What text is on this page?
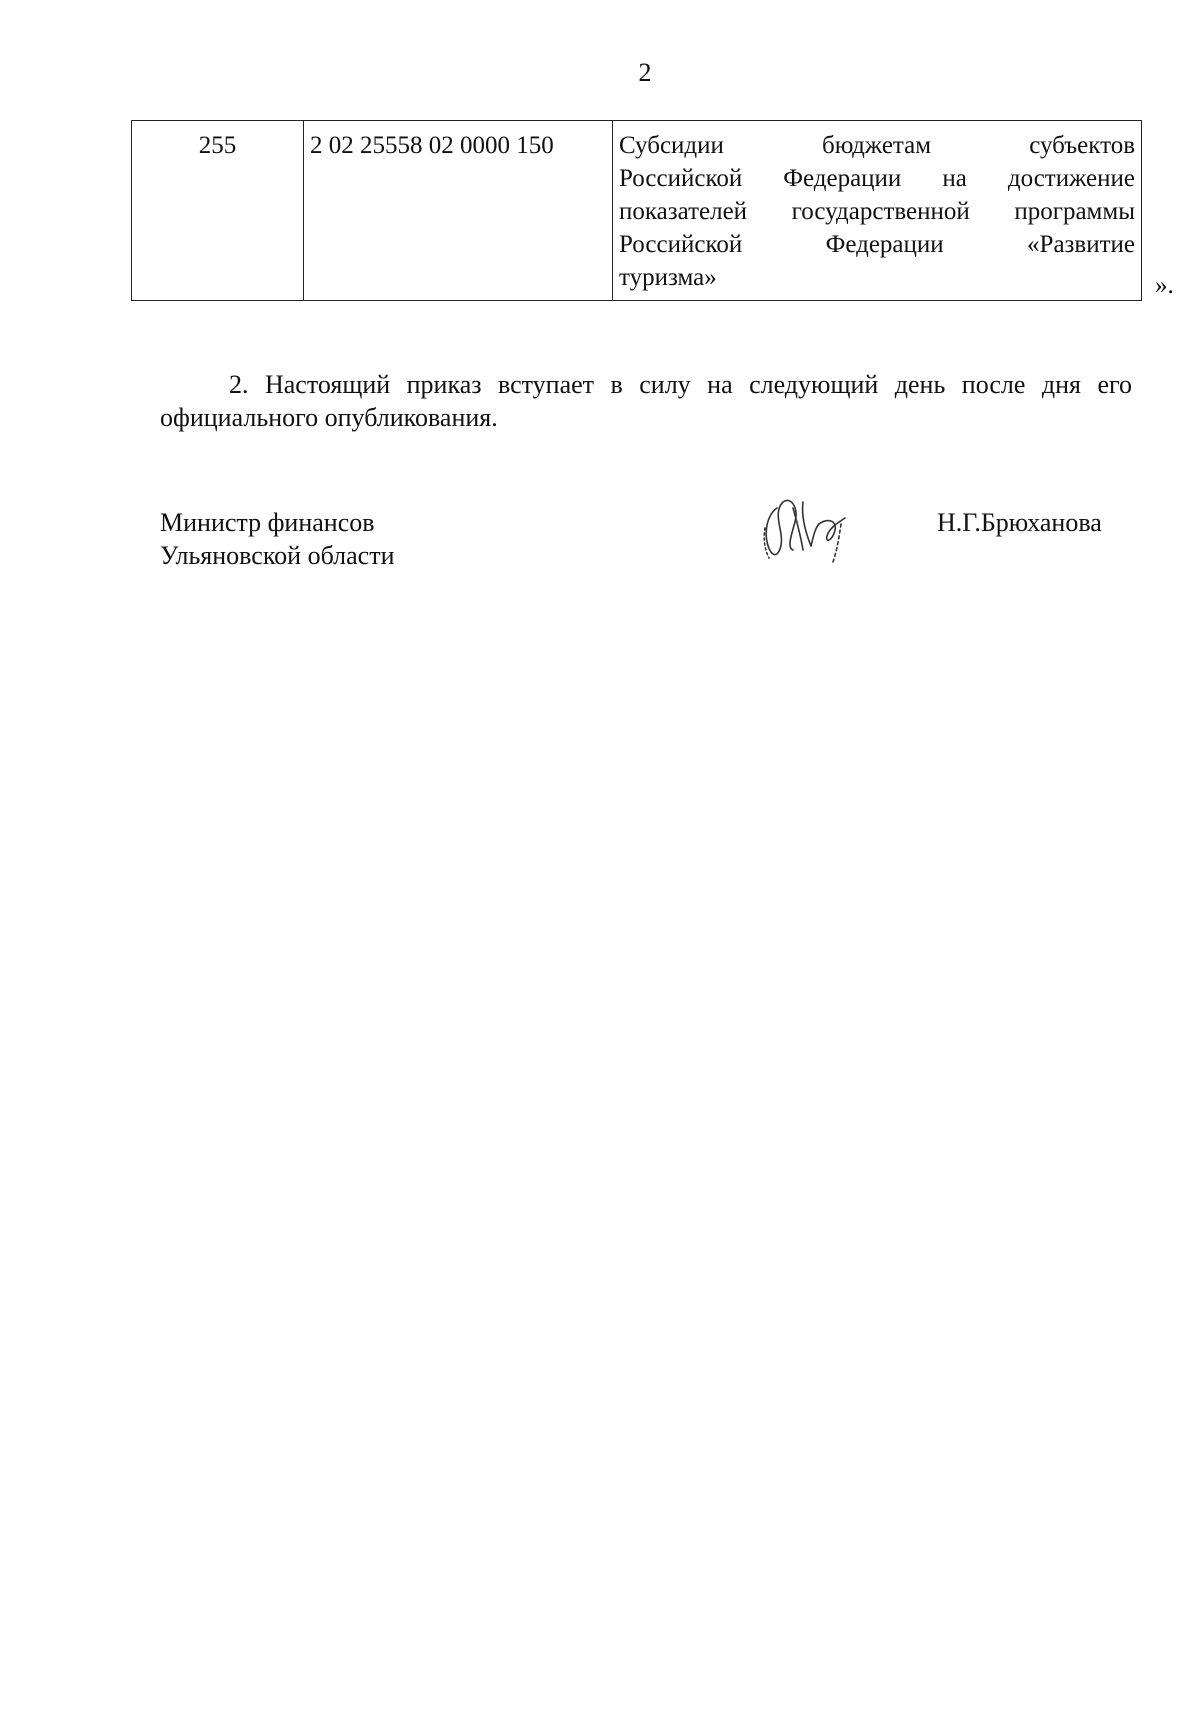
2
255	2 02 25558 02 0000 150	Субсидии бюджетам субъектов
Российской Федерации на достижение
показателей государственной программы
Российской Федерации «Развитие
туризма»	».

2. Настоящий приказ вступает в силу на следующий день после дня его официального опубликования.

Министр финансов
Ульяновской области
Н.Г.Брюханова
